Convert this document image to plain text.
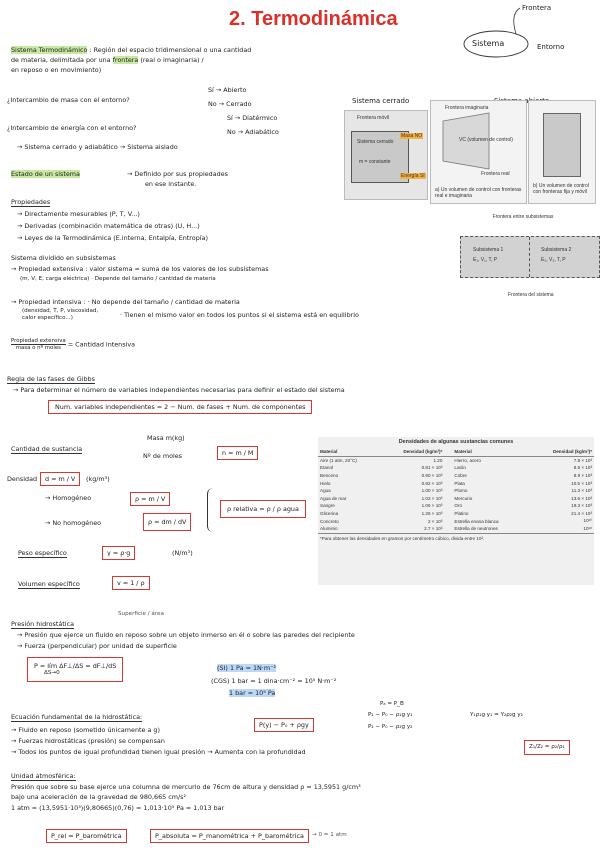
2. Termodinámica	Frontera
Sistema	Entorno
Sistema Termodinámico : Región del espacio tridimensional o una cantidad
de materia, delimitada por una frontera (real o imaginaria) /
en reposo o en movimiento)
¿Intercambio de masa con el entorno?
Sí → Abierto
No → Cerrado
¿Intercambio de energía con el entorno?
Sí → Diatérmico
No → Adiabático
→ Sistema cerrado y adiabático → Sistema aislado
Sistema cerrado
Sistema cerrado
m = constante
Masa NO
Energía SÍ
Frontera móvil
Frontera imaginaria
VC (volumen de control)
Frontera real
a) Un volumen de control con fronteras real e imaginaria
b) Un volumen de control con fronteras fija y móvil
Frontera entre subsistemas
Subsistema 1
E₁, V₁, T, P
Subsistema 2
E₂, V₂, T, P
Frontera del sistema
Estado de un sistema	→ Definido por sus propiedades
en ese instante.
Propiedades
→ Directamente mesurables (P, T, V...)
→ Derivadas (combinación matemática de otras) (U, H...)
→ Leyes de la Termodinámica (E.interna, Entalpía, Entropía)
Sistema dividido en subsistemas
→ Propiedad extensiva : valor sistema = suma de los valores de los subsistemas
(m, V, E, carga eléctrica) · Depende del tamaño / cantidad de materia
→ Propiedad intensiva : · No depende del tamaño / cantidad de materia
(densidad, T, P, viscosidad,
calor específico...)	· Tienen el mismo valor en todos los puntos si el sistema está en equilibrio
Propiedad extensiva
masa o nº moles	= Cantidad intensiva
Regla de las fases de Gibbs
→ Para determinar el número de variables independientes necesarias para definir el estado del sistema
Num. variables independientes = 2 − Num. de fases + Num. de componentes
Cantidad de sustancia
Masa m(kg)
Nº de moles	n = m / M
Densidad	d = m / V	(kg/m³)
→ Homogéneo	ρ = m / V
→ No homogéneo	ρ = dm / dV
ρ relativa = ρ / ρ agua
Peso específico	γ = ρ·g	(N/m³)
Volumen específico	v = 1 / ρ
Densidades de algunas sustancias comunes
Material	Densidad (kg/m³)*	Material	Densidad (kg/m³)*
Aire (1 atm, 20°C)	1.20	Hierro, acero	7.8 × 10³
Etanol	0.81 × 10³	Latón	8.6 × 10³
Benceno	0.90 × 10³	Cobre	8.9 × 10³
Hielo	0.92 × 10³	Plata	10.5 × 10³
Agua	1.00 × 10³	Plomo	11.3 × 10³
Agua de mar	1.03 × 10³	Mercurio	13.6 × 10³
Sangre	1.06 × 10³	Oro	19.3 × 10³
Glicerina	1.26 × 10³	Platino	21.4 × 10³
Concreto	2 × 10³	Estrella enana blanca	10¹⁰
Aluminio	2.7 × 10³	Estrella de neutrones	10¹⁸
*Para obtener las densidades en gramos por centímetro cúbico, divida entre 10³.
Superficie / área
Presión hidrostática
→ Presión que ejerce un fluido en reposo sobre un objeto inmerso en él o sobre las paredes del recipiente
→ Fuerza (perpendicular) por unidad de superficie
P = lím ΔF⊥/ΔS = dF⊥/dS
ΔS→0
(SI) 1 Pa = 1N·m⁻²
(CGS) 1 bar = 1 dina·cm⁻² = 10⁵ N·m⁻²
1 bar = 10⁵ Pa
Ecuación fundamental de la hidrostática:
→ Fluido en reposo (sometido únicamente a g)
→ Fuerzas hidrostáticas (presión) se compensan
→ Todos los puntos de igual profundidad tienen igual presión → Aumenta con la profundidad
P(y) − P₀ + ρgy
Pₐ = P_B
P₁ − P₀ − ρ₁g y₁
P₂ − P₀ − ρ₂g y₂
Y₁ρ₁g y₁ = Y₂ρ₂g y₂
Z₁/Z₂ = ρ₂/ρ₁
Unidad atmosférica:
Presión que sobre su base ejerce una columna de mercurio de 76cm de altura y densidad ρ = 13,5951 g/cm³
bajo una aceleración de la gravedad de 980,665 cm/s²
1 atm = (13,5951·10³)(9,80665)(0,76) = 1,013·10⁵ Pa = 1,013 bar
P_rel = P_barométrica	P_absoluta = P_manométrica + P_barométrica	→ 0 = 1 atm
